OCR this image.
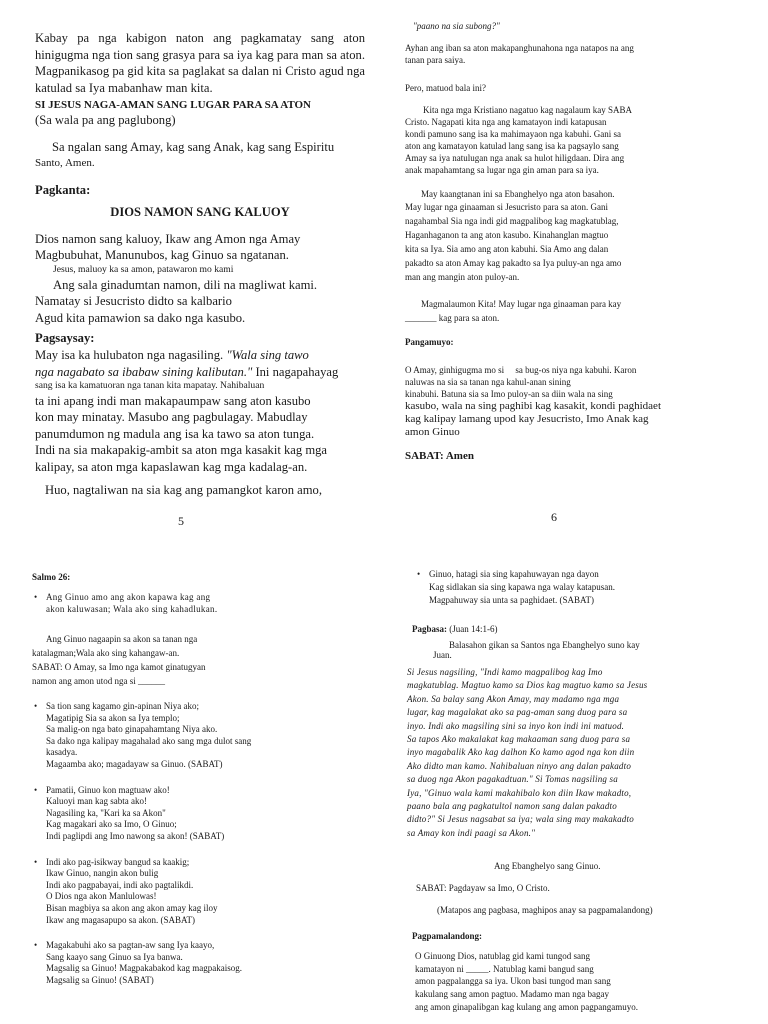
Kabay pa nga kabigon naton ang pagkamatay sang aton hinigugma nga tion sang grasya para sa iya kag para man sa aton. Magpanikasog pa gid kita sa paglakat sa dalan ni Cristo agud nga katulad sa Iya mabanhaw man kita.

SI JESUS NAGA-AMAN SANG LUGAR PARA SA ATON

(Sa wala pa ang paglubong)

Sa ngalan sang Amay, kag sang Anak, kag sang Espiritu

Santo, Amen.

Pagkanta:

DIOS NAMON SANG KALUOY

Dios namon sang kaluoy, Ikaw ang Amon nga Amay

Magbubuhat, Manunubos, kag Ginuo sa ngatanan.

Jesus, maluoy ka sa amon, patawaron mo kami

Ang sala ginadumtan namon, dili na magliwat kami.

Namatay si Jesucristo didto sa kalbario

Agud kita pamawion sa dako nga kasubo.

Pagsaysay:

May isa ka hulubaton nga nagasiling. "Wala sing tawo

nga nagabato sa ibabaw sining kalibutan." Ini nagapahayag

sang isa ka kamatuoran nga tanan kita mapatay. Nahibaluan

ta ini apang indi man makapaumpaw sang aton kasubo

kon may minatay. Masubo ang pagbulagay. Mabudlay

panumdumon ng madula ang isa ka tawo sa aton tunga.

Indi na sia makapakig-ambit sa aton mga kasakit kag mga

kalipay, sa aton mga kapaslawan kag mga kadalag-an.

Huo, nagtaliwan na sia kag ang pamangkot karon amo,

5

"paano na sia subong?"

Ayhan ang iban sa aton makapanghunahona nga natapos na ang

tanan para saiya.

Pero, matuod bala ini?

Kita nga mga Kristiano nagatuo kag nagalaum kay SABA

Cristo. Nagapati kita nga ang kamatayon indi katapusan

kondi pamuno sang isa ka mahimayaon nga kabuhi. Gani sa

aton ang kamatayon katulad lang sang isa ka pagsaylo sang

Amay sa iya natulugan nga anak sa hulot hiligdaan. Dira ang

anak mapahamtang sa lugar nga gin aman para sa iya.

May kaangtanan ini sa Ebanghelyo nga aton basahon.

May lugar nga ginaaman si Jesucristo para sa aton. Gani

nagahambal Sia nga indi gid magpalibog kag magkatublag,

Haganhaganon ta ang aton kasubo. Kinahanglan magtuo

kita sa Iya. Sia amo ang aton kabuhi. Sia Amo ang dalan

pakadto sa aton Amay kag pakadto sa Iya puluy-an nga amo

man ang mangin aton puloy-an.

Magmalaumon Kita! May lugar nga ginaaman para kay

_______ kag para sa aton.

Pangamuyo:

O Amay, ginhigugma mo si     sa bug-os niya nga kabuhi. Karon

naluwas na sia sa tanan nga kahul-anan sining

kinabuhi. Batuna sia sa Imo puloy-an sa diin wala na sing

kasubo, wala na sing paghibi kag kasakit, kondi paghidaet

kag kalipay lamang upod kay Jesucristo, Imo Anak kag

amon Ginuo

SABAT: Amen

6

Salmo 26:

• Ang Ginuo amo ang akon kapawa kag ang
akon kaluwasan; Wala ako sing kahadlukan.

Ang Ginuo nagaapin sa akon sa tanan nga

katalagman;Wala ako sing kahangaw-an.

SABAT: O Amay, sa Imo nga kamot ginatugyan

namon ang amon utod nga si ______

• Sa tion sang kagamo gin-apinan Niya ako;
Magatipig Sia sa akon sa Iya templo;
Sa malig-on nga bato ginapahamtang Niya ako.
Sa dako nga kalipay magahalad ako sang mga dulot sang
kasadya.
Magaamba ako; magadayaw sa Ginuo. (SABAT)
• Pamatii, Ginuo kon magtuaw ako!
Kaluoyi man kag sabta ako!
Nagasiling ka, "Kari ka sa Akon"
Kag magakari ako sa Imo, O Ginuo;
Indi paglipdi ang Imo nawong sa akon! (SABAT)
• Indi ako pag-isikway bangud sa kaakig;
Ikaw Ginuo, nangin akon bulig
Indi ako pagpabayai, indi ako pagtalikdi.
O Dios nga akon Manlulowas!
Bisan magbiya sa akon ang akon amay kag iloy
Ikaw ang magasapupo sa akon. (SABAT)
• Magakabuhi ako sa pagtan-aw sang Iya kaayo,
Sang kaayo sang Ginuo sa Iya banwa.
Magsalig sa Ginuo! Magpakabakod kag magpakaisog.
Magsalig sa Ginuo! (SABAT)
• Ginuo, hatagi sia sing kapahuwayan nga dayon
Kag sidlakan sia sing kapawa nga walay katapusan.
Magpahuway sia unta sa paghidaet. (SABAT)

Pagbasa: (Juan 14:1-6)

Balasahon gikan sa Santos nga Ebanghelyo suno kay

Juan.

Si Jesus nagsiling, "Indi kamo magpalibog kag Imo
magkatublag. Magtuo kamo sa Dios kag magtuo kamo sa Jesus
Akon. Sa balay sang Akon Amay, may madamo nga mga
lugar, kag magalakat ako sa pag-aman sang duog para sa
inyo. Indi ako magsiling sini sa inyo kon indi ini matuod.
Sa tapos Ako makalakat kag makaaman sang duog para sa
inyo magabalik Ako kag dalhon Ko kamo agod nga kon diin
Ako didto man kamo. Nahibaluan ninyo ang dalan pakadto
sa duog nga Akon pagakadtuan." Si Tomas nagsiling sa
Iya, "Ginuo wala kami makahibalo kon diin Ikaw makadto,
paano bala ang pagkatultol namon sang dalan pakadto
didto?" Si Jesus nagsabat sa iya; wala sing may makakadto
sa Amay kon indi paagi sa Akon."

Ang Ebanghelyo sang Ginuo.

SABAT: Pagdayaw sa Imo, O Cristo.

(Matapos ang pagbasa, maghipos anay sa pagpamalandong)

Pagpamalandong:

O Ginuong Dios, natublag gid kami tungod sang

kamatayon ni _____. Natublag kami bangud sang

amon pagpalangga sa iya. Ukon basi tungod man sang

kakulang sang amon pagtuo. Madamo man nga bagay

ang amon ginapalibgan kag kulang ang amon pagpangamuyo.
